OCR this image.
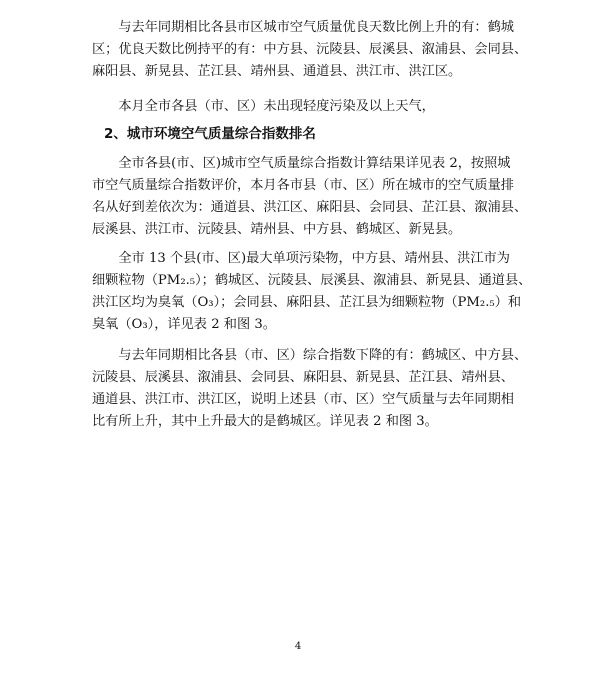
　　与去年同期相比各县市区城市空气质量优良天数比例上升的有：鹤城
区；优良天数比例持平的有：中方县、沅陵县、辰溪县、溆浦县、会同县、
麻阳县、新晃县、芷江县、靖州县、通道县、洪江市、洪江区。
　　本月全市各县（市、区）未出现轻度污染及以上天气，
2、城市环境空气质量综合指数排名
　　全市各县(市、区)城市空气质量综合指数计算结果详见表 2，按照城
市空气质量综合指数评价，本月各市县（市、区）所在城市的空气质量排
名从好到差依次为：通道县、洪江区、麻阳县、会同县、芷江县、溆浦县、
辰溪县、洪江市、沅陵县、靖州县、中方县、鹤城区、新晃县。
　　全市 13 个县(市、区)最大单项污染物，中方县、靖州县、洪江市为
细颗粒物（PM₂.₅）；鹤城区、沅陵县、辰溪县、溆浦县、新晃县、通道县、
洪江区均为臭氧（O₃）；会同县、麻阳县、芷江县为细颗粒物（PM₂.₅）和
臭氧（O₃），详见表 2 和图 3。
　　与去年同期相比各县（市、区）综合指数下降的有：鹤城区、中方县、
沅陵县、辰溪县、溆浦县、会同县、麻阳县、新晃县、芷江县、靖州县、
通道县、洪江市、洪江区，说明上述县（市、区）空气质量与去年同期相
比有所上升，其中上升最大的是鹤城区。详见表 2 和图 3。
4
